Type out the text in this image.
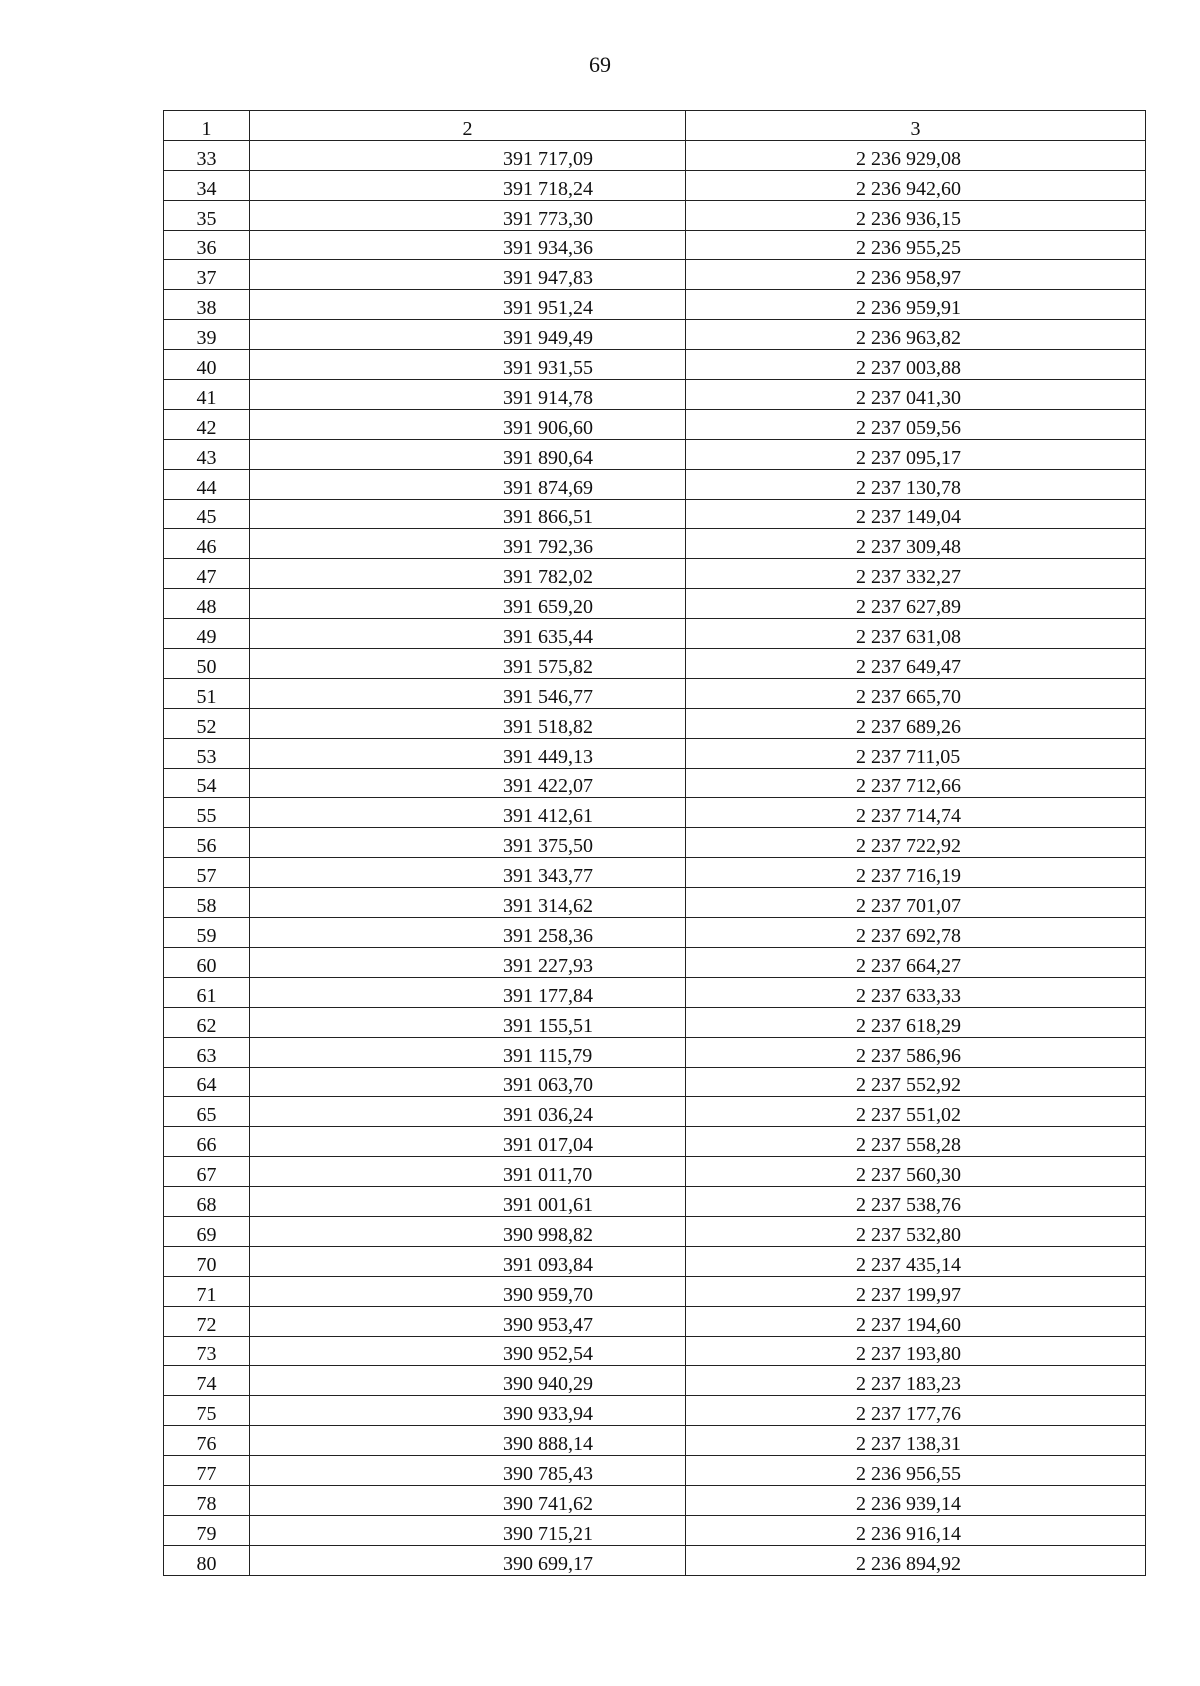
69
1	2	3
33	391 717,09	2 236 929,08
34	391 718,24	2 236 942,60
35	391 773,30	2 236 936,15
36	391 934,36	2 236 955,25
37	391 947,83	2 236 958,97
38	391 951,24	2 236 959,91
39	391 949,49	2 236 963,82
40	391 931,55	2 237 003,88
41	391 914,78	2 237 041,30
42	391 906,60	2 237 059,56
43	391 890,64	2 237 095,17
44	391 874,69	2 237 130,78
45	391 866,51	2 237 149,04
46	391 792,36	2 237 309,48
47	391 782,02	2 237 332,27
48	391 659,20	2 237 627,89
49	391 635,44	2 237 631,08
50	391 575,82	2 237 649,47
51	391 546,77	2 237 665,70
52	391 518,82	2 237 689,26
53	391 449,13	2 237 711,05
54	391 422,07	2 237 712,66
55	391 412,61	2 237 714,74
56	391 375,50	2 237 722,92
57	391 343,77	2 237 716,19
58	391 314,62	2 237 701,07
59	391 258,36	2 237 692,78
60	391 227,93	2 237 664,27
61	391 177,84	2 237 633,33
62	391 155,51	2 237 618,29
63	391 115,79	2 237 586,96
64	391 063,70	2 237 552,92
65	391 036,24	2 237 551,02
66	391 017,04	2 237 558,28
67	391 011,70	2 237 560,30
68	391 001,61	2 237 538,76
69	390 998,82	2 237 532,80
70	391 093,84	2 237 435,14
71	390 959,70	2 237 199,97
72	390 953,47	2 237 194,60
73	390 952,54	2 237 193,80
74	390 940,29	2 237 183,23
75	390 933,94	2 237 177,76
76	390 888,14	2 237 138,31
77	390 785,43	2 236 956,55
78	390 741,62	2 236 939,14
79	390 715,21	2 236 916,14
80	390 699,17	2 236 894,92
